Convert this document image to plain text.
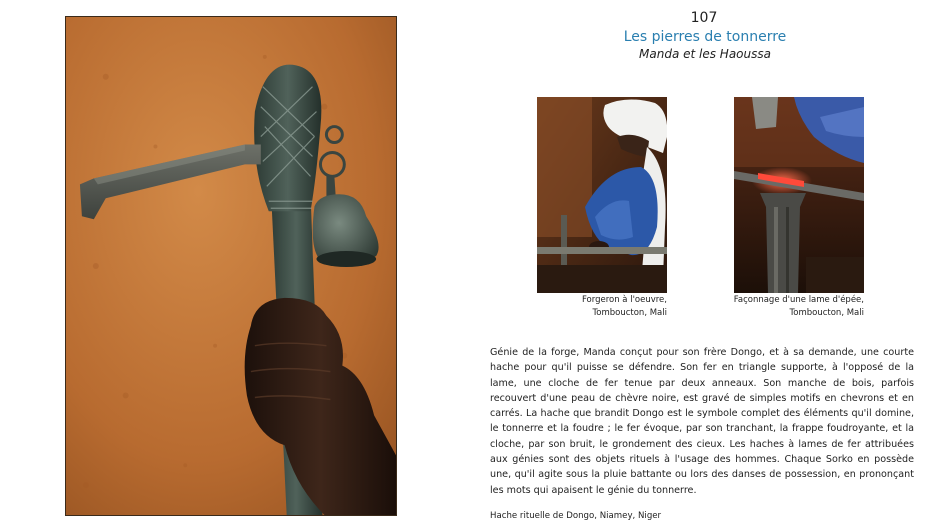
107
Les pierres de tonnerre
Manda et les Haoussa
Forgeron à l'oeuvre,
Tomboucton, Mali
Façonnage d'une lame d'épée,
Tomboucton, Mali
Génie de la forge, Manda conçut pour son frère Dongo, et à sa demande, une courte hache pour qu'il puisse se défendre. Son fer en triangle supporte, à l'opposé de la lame, une cloche de fer tenue par deux anneaux. Son manche de bois, parfois recouvert d'une peau de chèvre noire, est gravé de simples motifs en chevrons et en carrés. La hache que brandit Dongo est le symbole complet des éléments qu'il domine, le tonnerre et la foudre ; le fer évoque, par son tranchant, la frappe foudroyante, et la cloche, par son bruit, le grondement des cieux. Les haches à lames de fer attribuées aux génies sont des objets rituels à l'usage des hommes. Chaque Sorko en possède une, qu'il agite sous la pluie battante ou lors des danses de possession, en prononçant les mots qui apaisent le génie du tonnerre.
Hache rituelle de Dongo, Niamey, Niger
